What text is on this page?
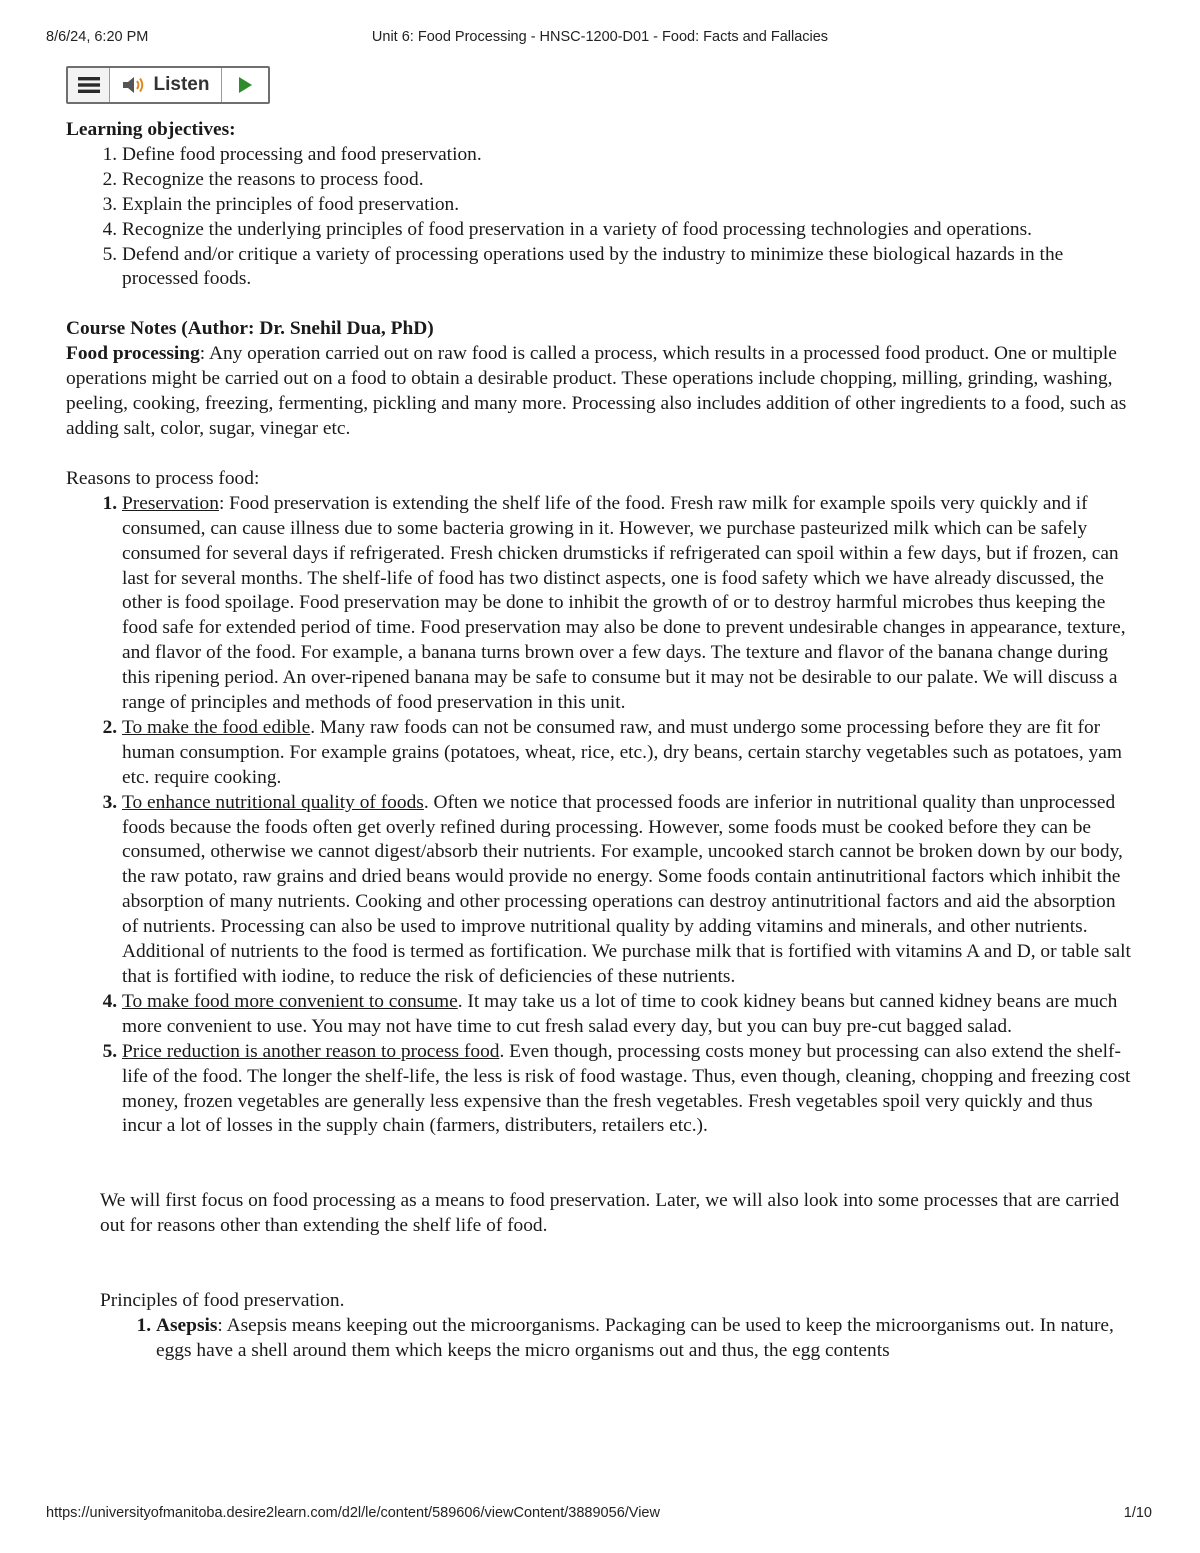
8/6/24, 6:20 PM	Unit 6: Food Processing - HNSC-1200-D01 - Food: Facts and Fallacies
Listen

Learning objectives:

1. Define food processing and food preservation.
2. Recognize the reasons to process food.
3. Explain the principles of food preservation.
4. Recognize the underlying principles of food preservation in a variety of food processing technologies and operations.
5. Defend and/or critique a variety of processing operations used by the industry to minimize these biological hazards in the processed foods.

Course Notes (Author: Dr. Snehil Dua, PhD)

Food processing: Any operation carried out on raw food is called a process, which results in a processed food product. One or multiple operations might be carried out on a food to obtain a desirable product. These operations include chopping, milling, grinding, washing, peeling, cooking, freezing, fermenting, pickling and many more. Processing also includes addition of other ingredients to a food, such as adding salt, color, sugar, vinegar etc.

Reasons to process food:

1. Preservation: Food preservation is extending the shelf life of the food. Fresh raw milk for example spoils very quickly and if consumed, can cause illness due to some bacteria growing in it. However, we purchase pasteurized milk which can be safely consumed for several days if refrigerated. Fresh chicken drumsticks if refrigerated can spoil within a few days, but if frozen, can last for several months. The shelf-life of food has two distinct aspects, one is food safety which we have already discussed, the other is food spoilage. Food preservation may be done to inhibit the growth of or to destroy harmful microbes thus keeping the food safe for extended period of time. Food preservation may also be done to prevent undesirable changes in appearance, texture, and flavor of the food. For example, a banana turns brown over a few days. The texture and flavor of the banana change during this ripening period. An over-ripened banana may be safe to consume but it may not be desirable to our palate. We will discuss a range of principles and methods of food preservation in this unit.
2. To make the food edible. Many raw foods can not be consumed raw, and must undergo some processing before they are fit for human consumption. For example grains (potatoes, wheat, rice, etc.), dry beans, certain starchy vegetables such as potatoes, yam etc. require cooking.
3. To enhance nutritional quality of foods. Often we notice that processed foods are inferior in nutritional quality than unprocessed foods because the foods often get overly refined during processing. However, some foods must be cooked before they can be consumed, otherwise we cannot digest/absorb their nutrients. For example, uncooked starch cannot be broken down by our body, the raw potato, raw grains and dried beans would provide no energy. Some foods contain antinutritional factors which inhibit the absorption of many nutrients. Cooking and other processing operations can destroy antinutritional factors and aid the absorption of nutrients. Processing can also be used to improve nutritional quality by adding vitamins and minerals, and other nutrients. Additional of nutrients to the food is termed as fortification. We purchase milk that is fortified with vitamins A and D, or table salt that is fortified with iodine, to reduce the risk of deficiencies of these nutrients.
4. To make food more convenient to consume. It may take us a lot of time to cook kidney beans but canned kidney beans are much more convenient to use. You may not have time to cut fresh salad every day, but you can buy pre-cut bagged salad.
5. Price reduction is another reason to process food. Even though, processing costs money but processing can also extend the shelf-life of the food. The longer the shelf-life, the less is risk of food wastage. Thus, even though, cleaning, chopping and freezing cost money, frozen vegetables are generally less expensive than the fresh vegetables. Fresh vegetables spoil very quickly and thus incur a lot of losses in the supply chain (farmers, distributers, retailers etc.).

We will first focus on food processing as a means to food preservation. Later, we will also look into some processes that are carried out for reasons other than extending the shelf life of food.

Principles of food preservation.

1. Asepsis: Asepsis means keeping out the microorganisms. Packaging can be used to keep the microorganisms out. In nature, eggs have a shell around them which keeps the micro organisms out and thus, the egg contents
https://universityofmanitoba.desire2learn.com/d2l/le/content/589606/viewContent/3889056/View	1/10
